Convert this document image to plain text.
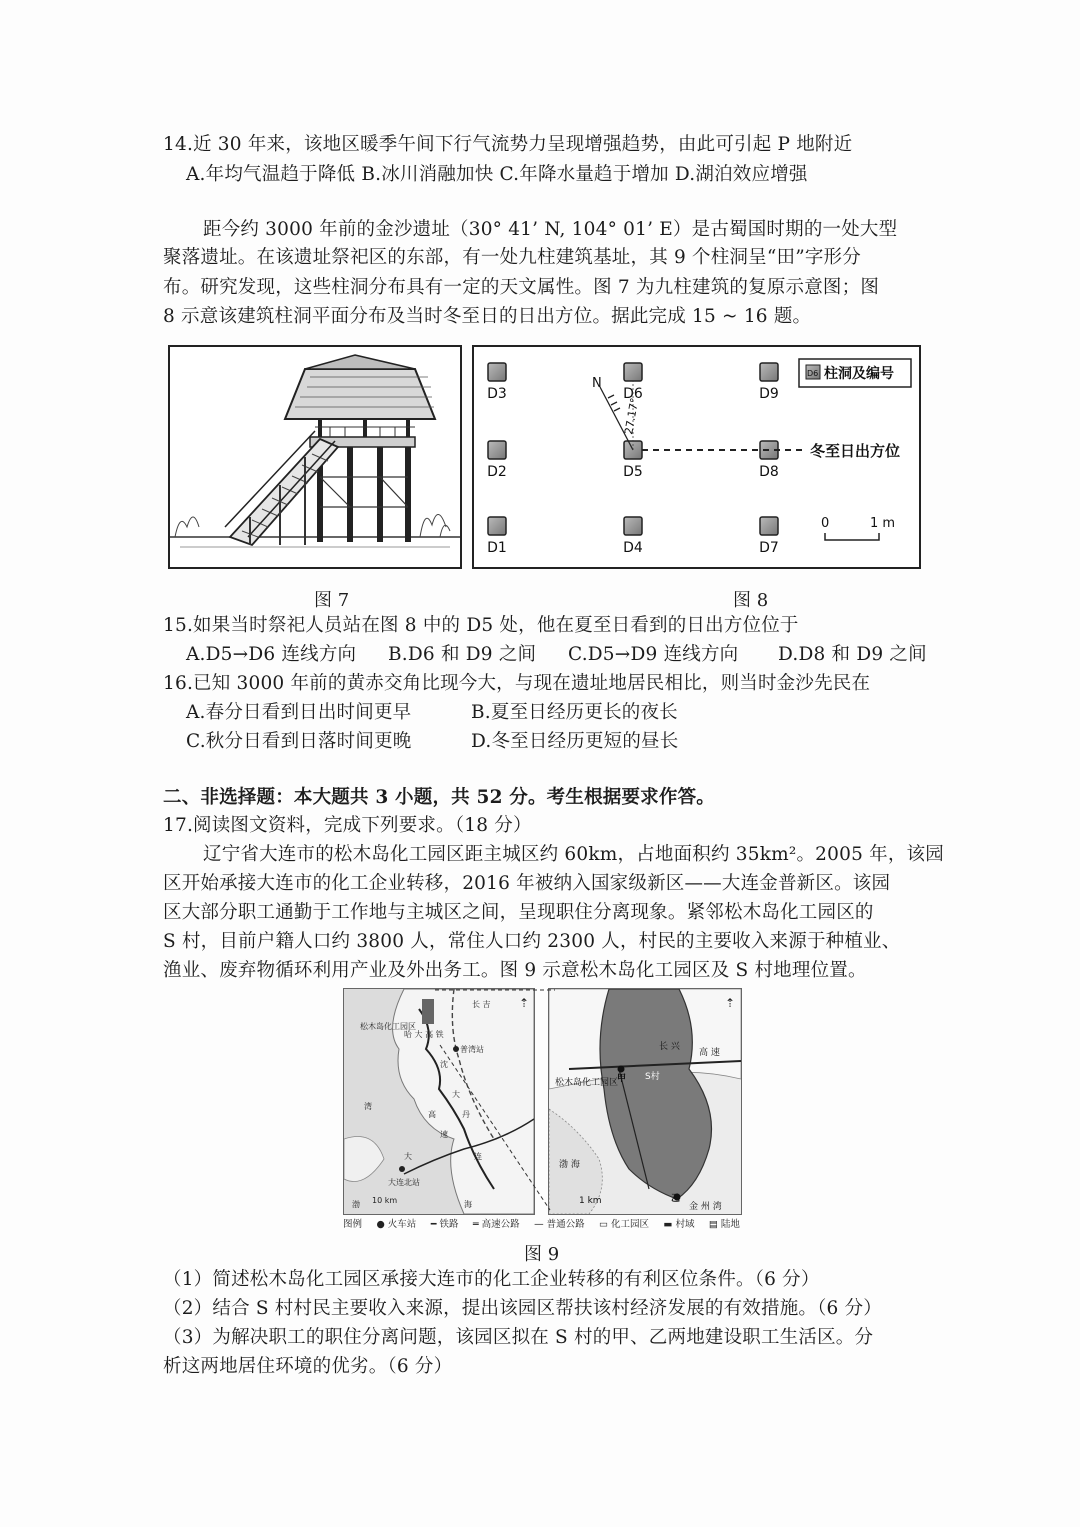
14.近 30 年来，该地区暖季午间下行气流势力呈现增强趋势，由此可引起 P 地附近
A.年均气温趋于降低 B.冰川消融加快 C.年降水量趋于增加 D.湖泊效应增强
距今约 3000 年前的金沙遗址（30° 41’ N, 104° 01’ E）是古蜀国时期的一处大型
聚落遗址。在该遗址祭祀区的东部，有一处九柱建筑基址，其 9 个柱洞呈“田”字形分
布。研究发现，这些柱洞分布具有一定的天文属性。图 7 为九柱建筑的复原示意图；图
8 示意该建筑柱洞平面分布及当时冬至日的日出方位。据此完成 15 ~ 16 题。
图 7
D3	D6	D9
D2	D5	D8
D1	D4	D7
N
27.17°
冬至日出方位
D6 柱洞及编号
0	1 m
图 8
15.如果当时祭祀人员站在图 8 中的 D5 处，他在夏至日看到的日出方位位于
A.D5→D6 连线方向 B.D6 和 D9 之间 C.D5→D9 连线方向 D.D8 和 D9 之间
16.已知 3000 年前的黄赤交角比现今大，与现在遗址地居民相比，则当时金沙先民在
A.春分日看到日出时间更早	B.夏至日经历更长的夜长
C.秋分日看到日落时间更晚	D.冬至日经历更短的昼长
二、非选择题：本大题共 3 小题，共 52 分。考生根据要求作答。
17.阅读图文资料，完成下列要求。（18 分）
辽宁省大连市的松木岛化工园区距主城区约 60km，占地面积约 35km²。2005 年，该园
区开始承接大连市的化工企业转移，2016 年被纳入国家级新区——大连金普新区。该园
区大部分职工通勤于工作地与主城区之间，呈现职住分离现象。紧邻松木岛化工园区的
S 村，目前户籍人口约 3800 人，常住人口约 2300 人，村民的主要收入来源于种植业、
渔业、废弃物循环利用产业及外出务工。图 9 示意松木岛化工园区及 S 村地理位置。
松木岛化工园区
普湾站
大连北站
10 km
渤	海
长 吉
沈
大
高
速
丹
大	连
湾
哈 大 高 铁
⇡
松木岛化工园区
甲
乙
S村
1 km
长 兴
高 速
渤 海
金 州 湾
⇡
图例 ● 火车站 ━ 铁路 ═ 高速公路 — 普通公路 ▭ 化工园区 ▬ 村域 ▤ 陆地
图 9
（1）简述松木岛化工园区承接大连市的化工企业转移的有利区位条件。（6 分）
（2）结合 S 村村民主要收入来源，提出该园区帮扶该村经济发展的有效措施。（6 分）
（3）为解决职工的职住分离问题，该园区拟在 S 村的甲、乙两地建设职工生活区。分
析这两地居住环境的优劣。（6 分）
